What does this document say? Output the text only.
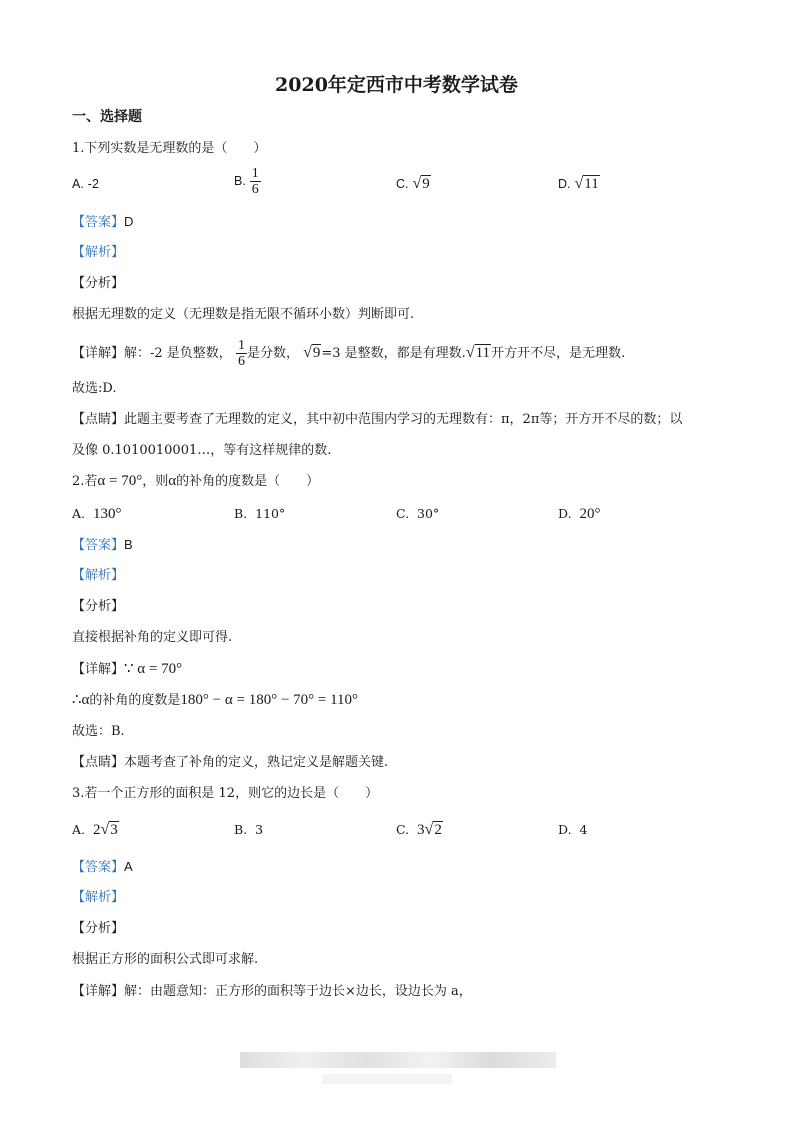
2020年定西市中考数学试卷
一、选择题
1.下列实数是无理数的是（　　）
A. -2	B. $\frac{1}{6}$	C. √9	D. √11
【答案】D
【解析】
【分析】
根据无理数的定义（无理数是指无限不循环小数）判断即可.
【详解】解：-2 是负整数， $\frac{1}{6}$ 是分数， √9=3 是整数，都是有理数.√11开方开不尽，是无理数.
故选:D.
【点睛】此题主要考查了无理数的定义，其中初中范围内学习的无理数有：π，2π等；开方开不尽的数；以
及像 0.1010010001…，等有这样规律的数.
2.若α = 70°，则α的补角的度数是（　　）
A. 130°	B. 110°	C. 30°	D. 20°
【答案】B
【解析】
【分析】
直接根据补角的定义即可得.
【详解】∵ α = 70°
∴α的补角的度数是180° − α = 180° − 70° = 110°
故选：B.
【点睛】本题考查了补角的定义，熟记定义是解题关键.
3.若一个正方形的面积是 12，则它的边长是（　　）
A. 2√3	B. 3	C. 3√2	D. 4
【答案】A
【解析】
【分析】
根据正方形的面积公式即可求解.
【详解】解：由题意知：正方形的面积等于边长×边长，设边长为 a，
